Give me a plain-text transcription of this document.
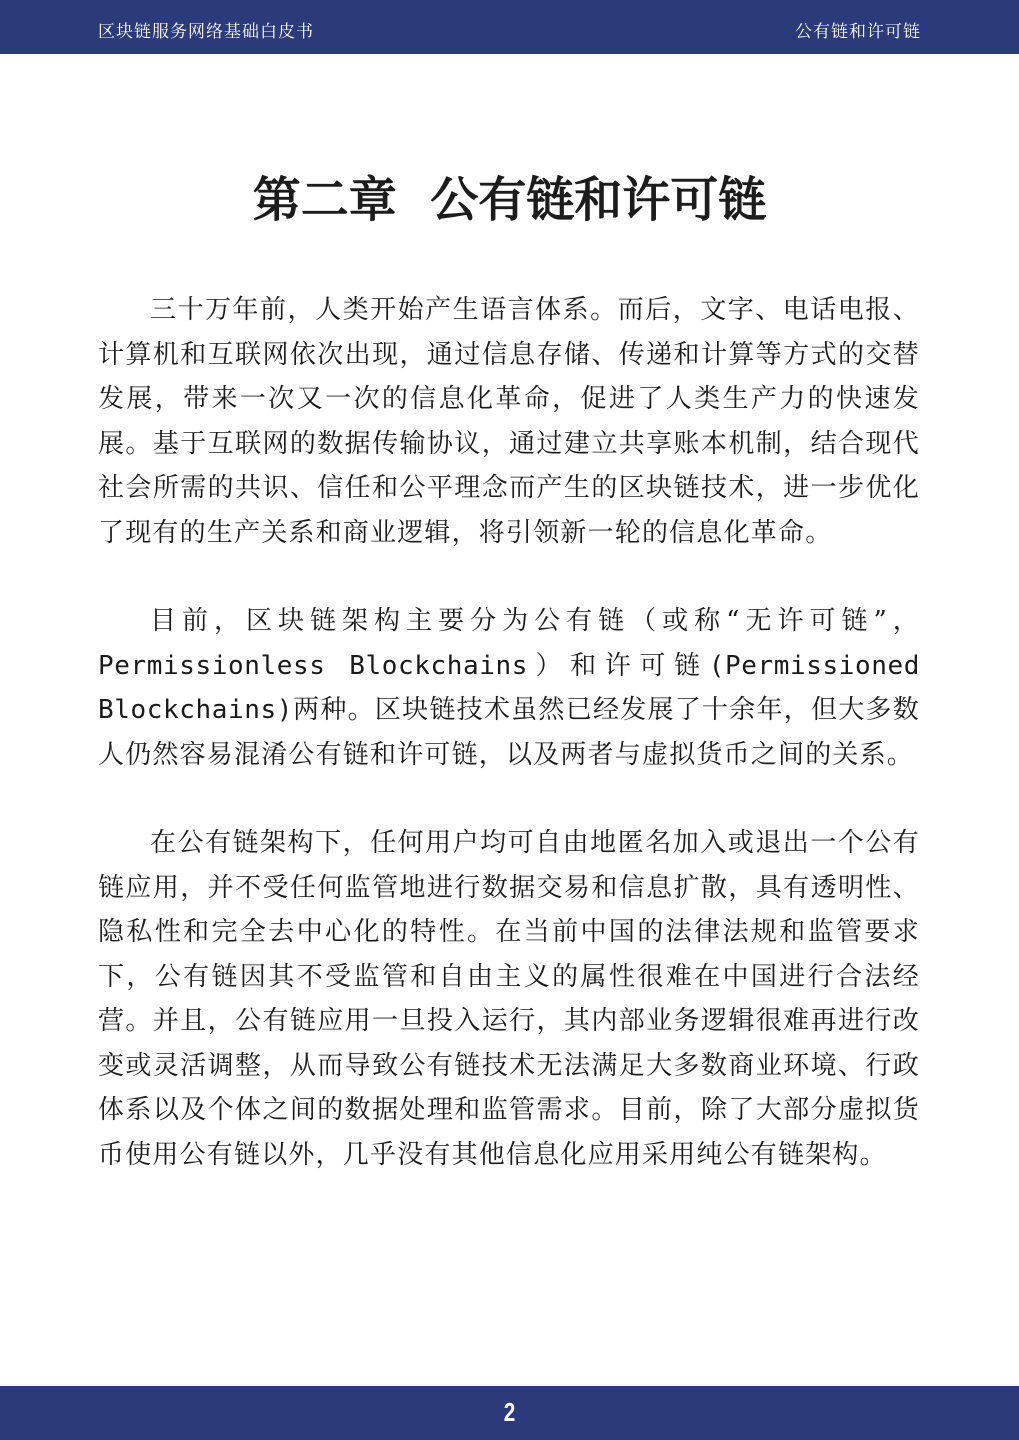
区块链服务网络基础白皮书	公有链和许可链
第二章  公有链和许可链

三十万年前，人类开始产生语言体系。而后，文字、电话电报、计算机和互联网依次出现，通过信息存储、传递和计算等方式的交替发展，带来一次又一次的信息化革命，促进了人类生产力的快速发展。基于互联网的数据传输协议，通过建立共享账本机制，结合现代社会所需的共识、信任和公平理念而产生的区块链技术，进一步优化了现有的生产关系和商业逻辑，将引领新一轮的信息化革命。

目前，区块链架构主要分为公有链（或称“无许可链”，Permissionless Blockchains）和许可链(Permissioned Blockchains)两种。区块链技术虽然已经发展了十余年，但大多数人仍然容易混淆公有链和许可链，以及两者与虚拟货币之间的关系。

在公有链架构下，任何用户均可自由地匿名加入或退出一个公有链应用，并不受任何监管地进行数据交易和信息扩散，具有透明性、隐私性和完全去中心化的特性。在当前中国的法律法规和监管要求下，公有链因其不受监管和自由主义的属性很难在中国进行合法经营。并且，公有链应用一旦投入运行，其内部业务逻辑很难再进行改变或灵活调整，从而导致公有链技术无法满足大多数商业环境、行政体系以及个体之间的数据处理和监管需求。目前，除了大部分虚拟货币使用公有链以外，几乎没有其他信息化应用采用纯公有链架构。

2
